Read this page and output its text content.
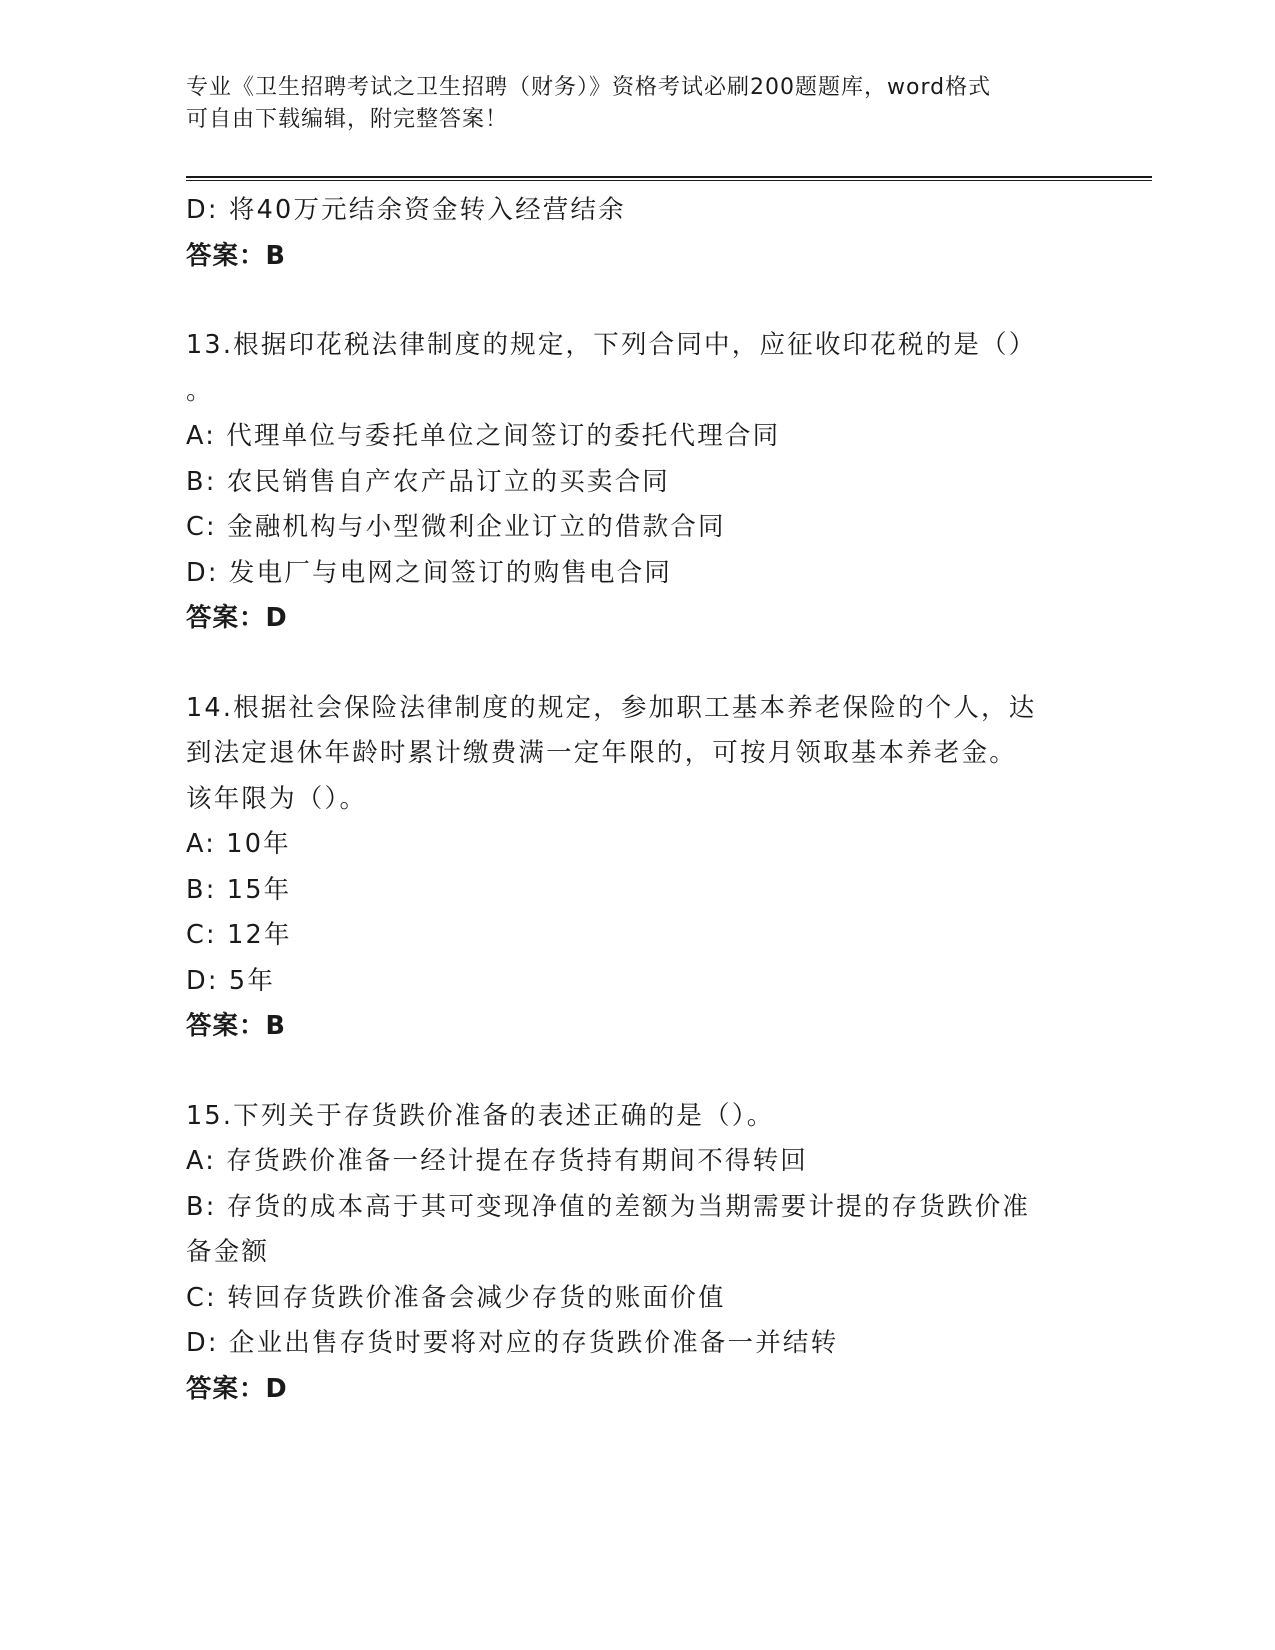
专业《卫生招聘考试之卫生招聘（财务）》资格考试必刷200题题库，word格式
可自由下载编辑，附完整答案！
D: 将40万元结余资金转入经营结余
答案：B
13.根据印花税法律制度的规定，下列合同中，应征收印花税的是（）
。
A: 代理单位与委托单位之间签订的委托代理合同
B: 农民销售自产农产品订立的买卖合同
C: 金融机构与小型微利企业订立的借款合同
D: 发电厂与电网之间签订的购售电合同
答案：D
14.根据社会保险法律制度的规定，参加职工基本养老保险的个人，达
到法定退休年龄时累计缴费满一定年限的，可按月领取基本养老金。
该年限为（）。
A: 10年
B: 15年
C: 12年
D: 5年
答案：B
15.下列关于存货跌价准备的表述正确的是（）。
A: 存货跌价准备一经计提在存货持有期间不得转回
B: 存货的成本高于其可变现净值的差额为当期需要计提的存货跌价准
备金额
C: 转回存货跌价准备会减少存货的账面价值
D: 企业出售存货时要将对应的存货跌价准备一并结转
答案：D
